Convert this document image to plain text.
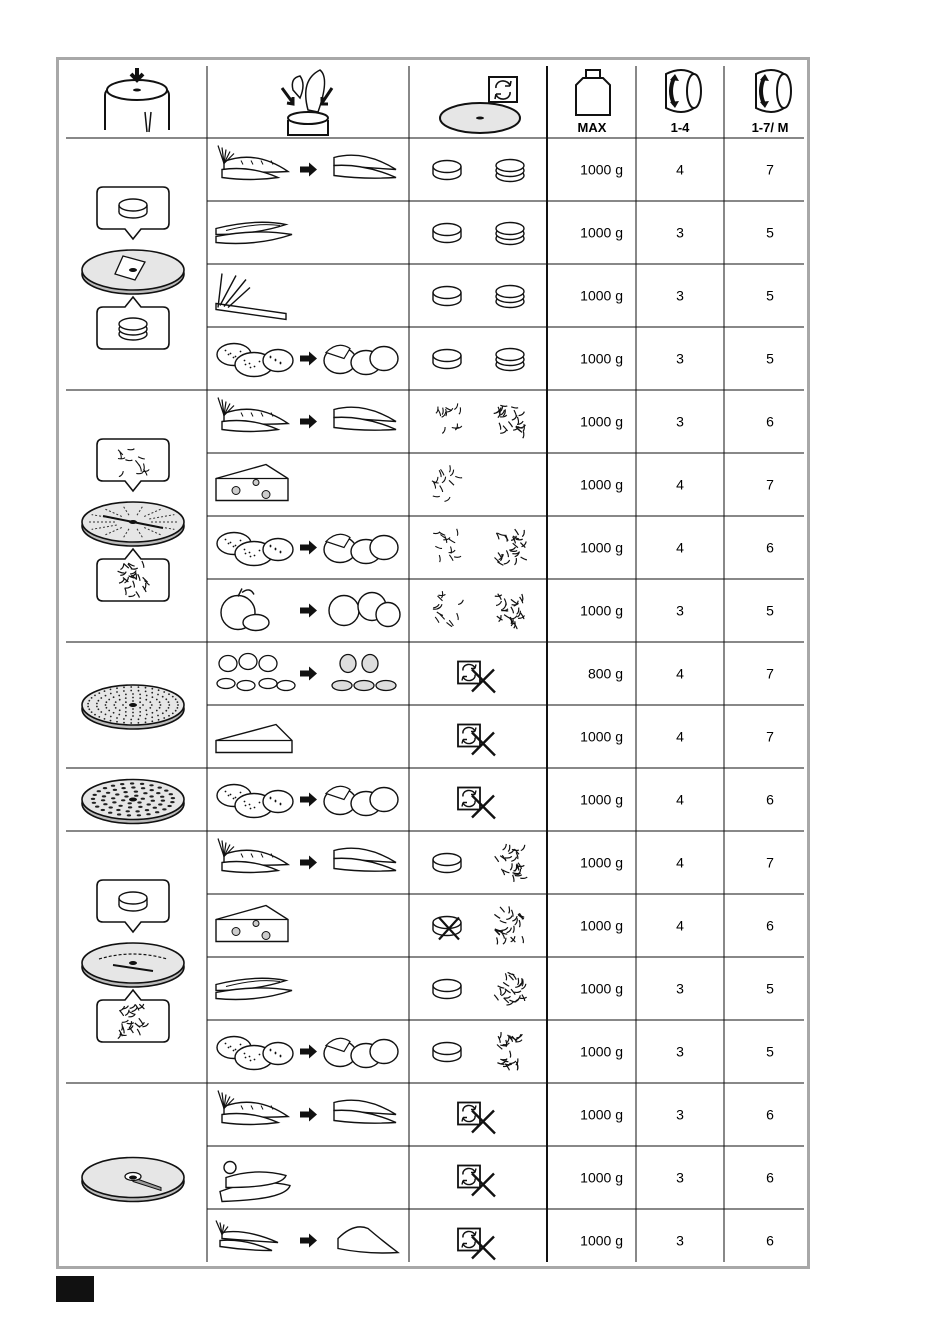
MAX	1-4	1-7/ M
1000 g	4	7
1000 g	3	5
1000 g	3	5
1000 g	3	5
1000 g	3	6
1000 g	4	7
1000 g	4	6
1000 g	3	5
800 g	4	7
1000 g	4	7
1000 g	4	6
1000 g	4	7
1000 g	4	6
1000 g	3	5
1000 g	3	5
1000 g	3	6
1000 g	3	6
1000 g	3	6
